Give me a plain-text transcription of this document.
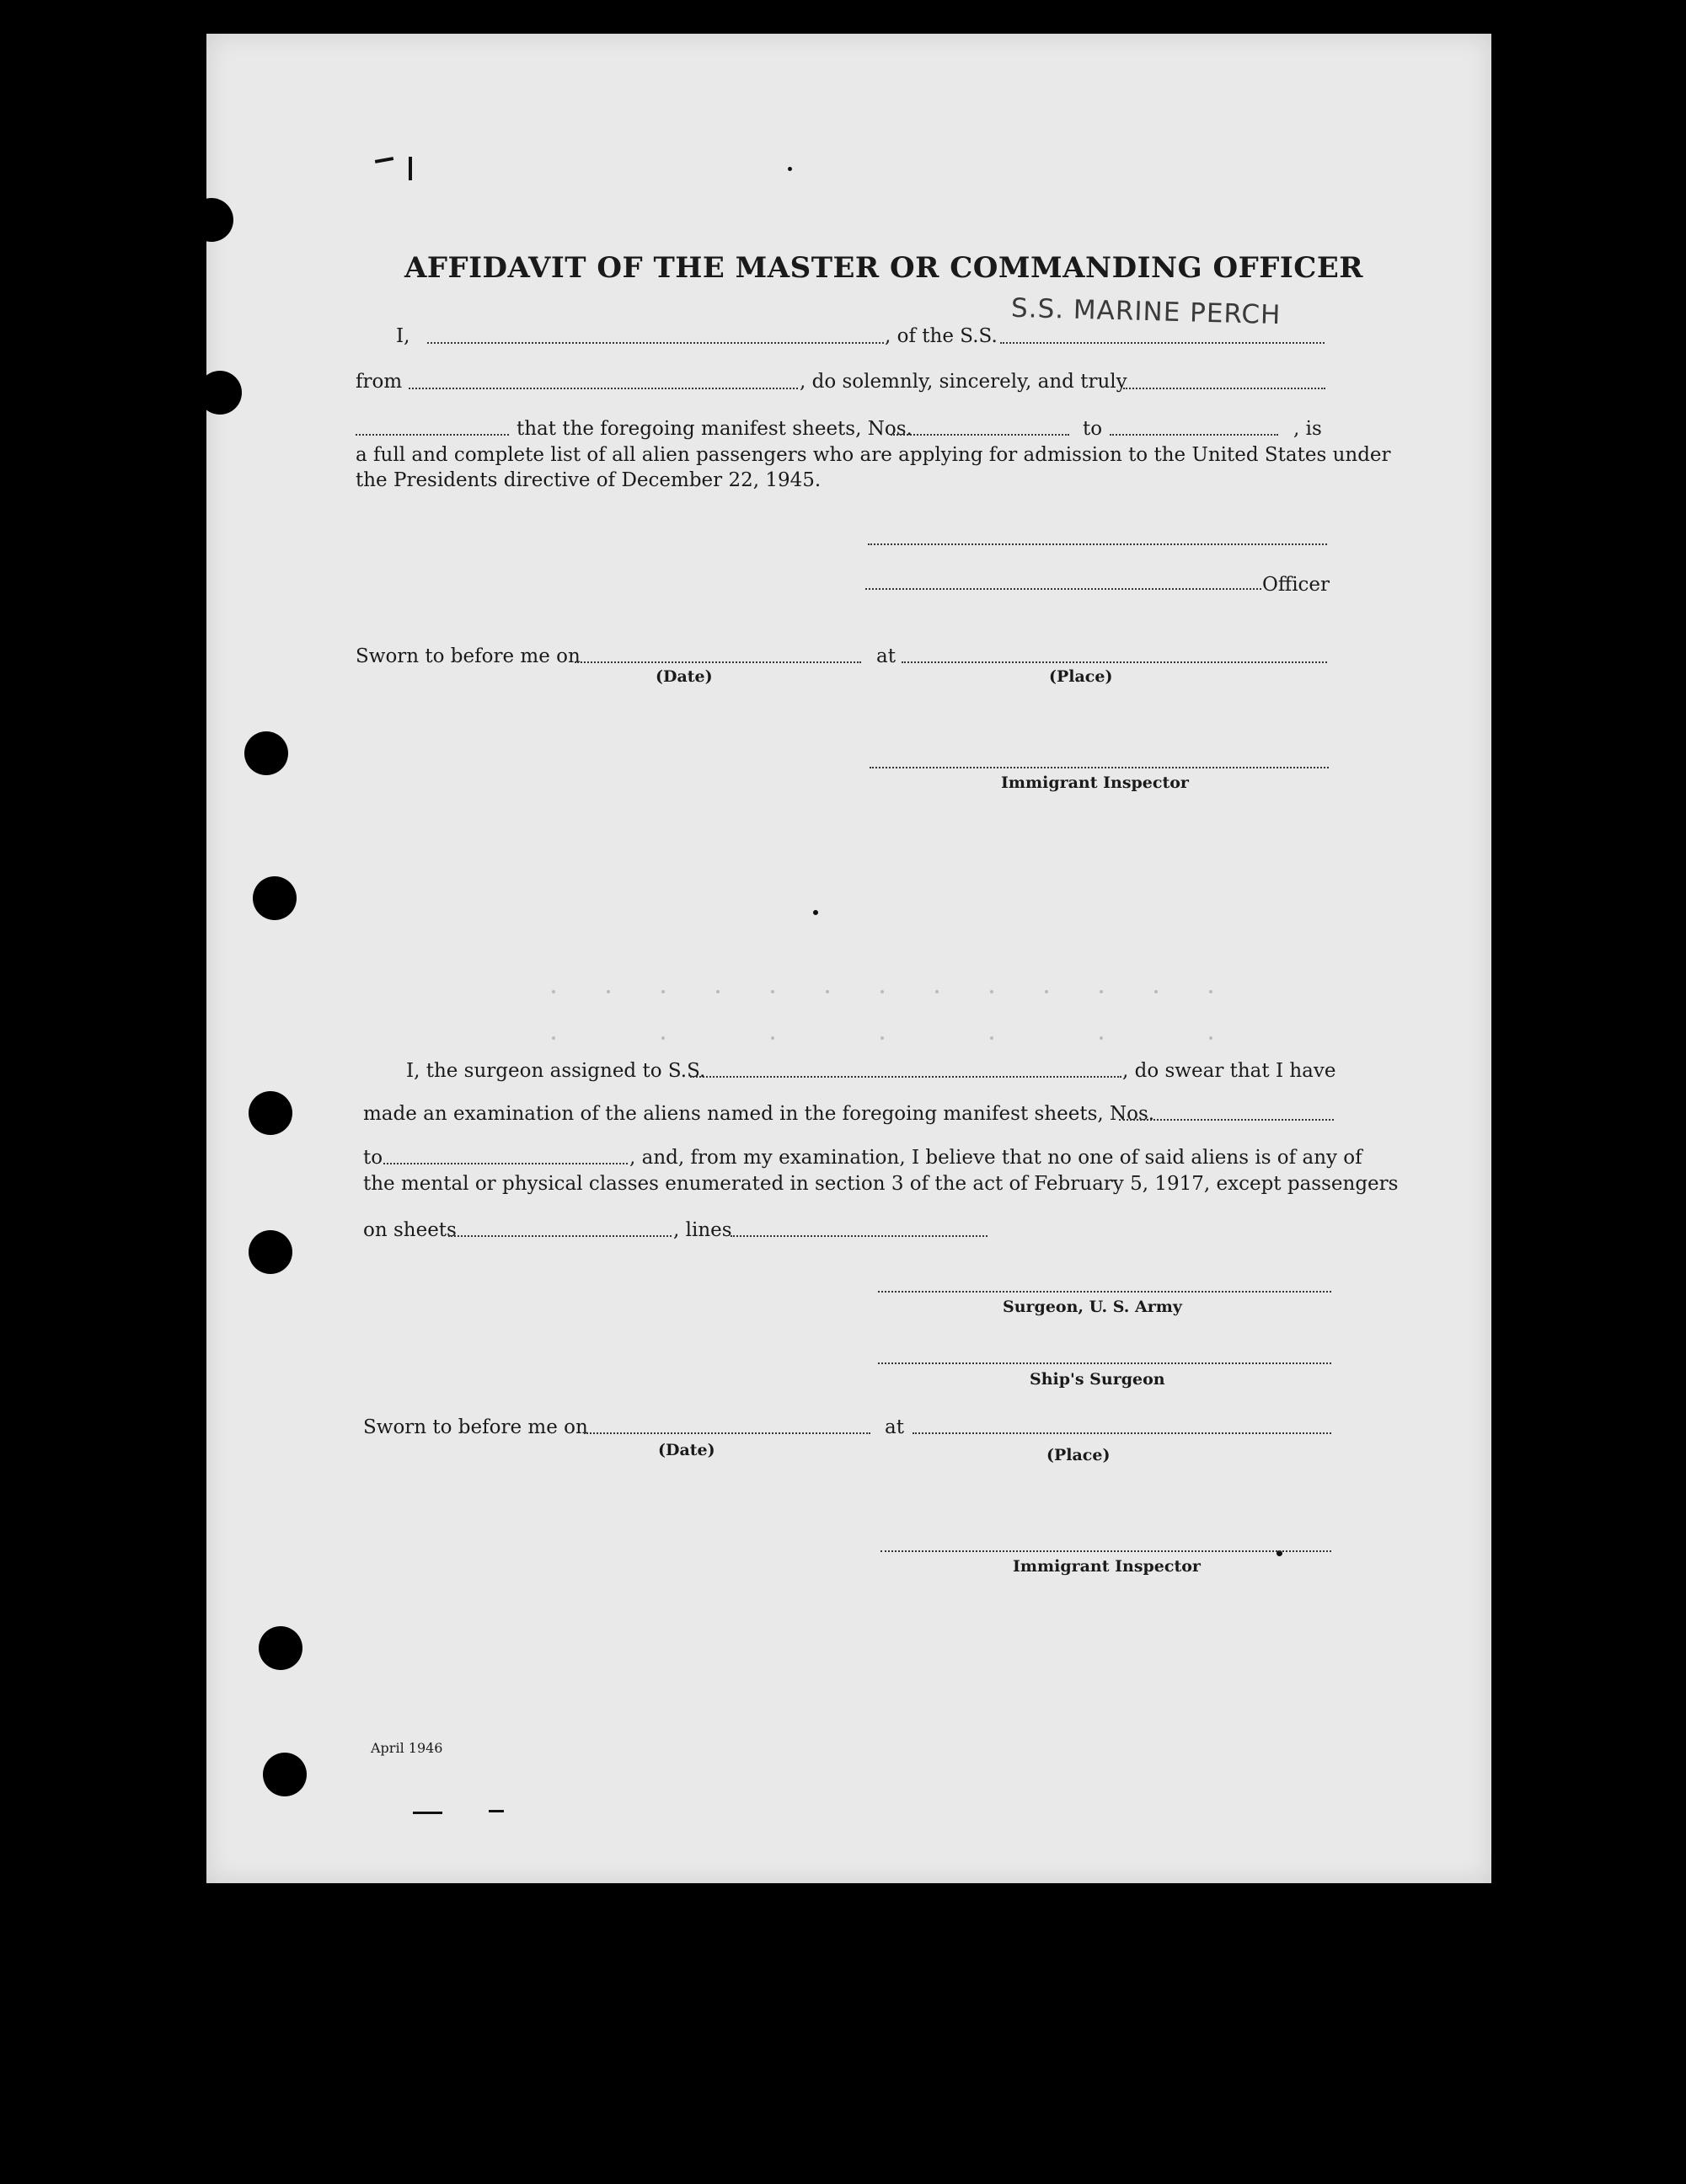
AFFIDAVIT OF THE MASTER OR COMMANDING OFFICER
S.S. MARINE PERCH
I,	, of the S.S.
from	, do solemnly, sincerely, and truly
that the foregoing manifest sheets, Nos.	to	, is
a full and complete list of all alien passengers who are applying for admission to the United States under
the Presidents directive of December 22, 1945.
Officer
Sworn to before me on	at
(Date)	(Place)
Immigrant Inspector
I, the surgeon assigned to S.S.	, do swear that I have
made an examination of the aliens named in the foregoing manifest sheets, Nos.
to	, and, from my examination, I believe that no one of said aliens is of any of
the mental or physical classes enumerated in section 3 of the act of February 5, 1917, except passengers
on sheets	, lines
Surgeon, U. S. Army
Ship's Surgeon
Sworn to before me on	at
(Date)	(Place)
Immigrant Inspector
April 1946
